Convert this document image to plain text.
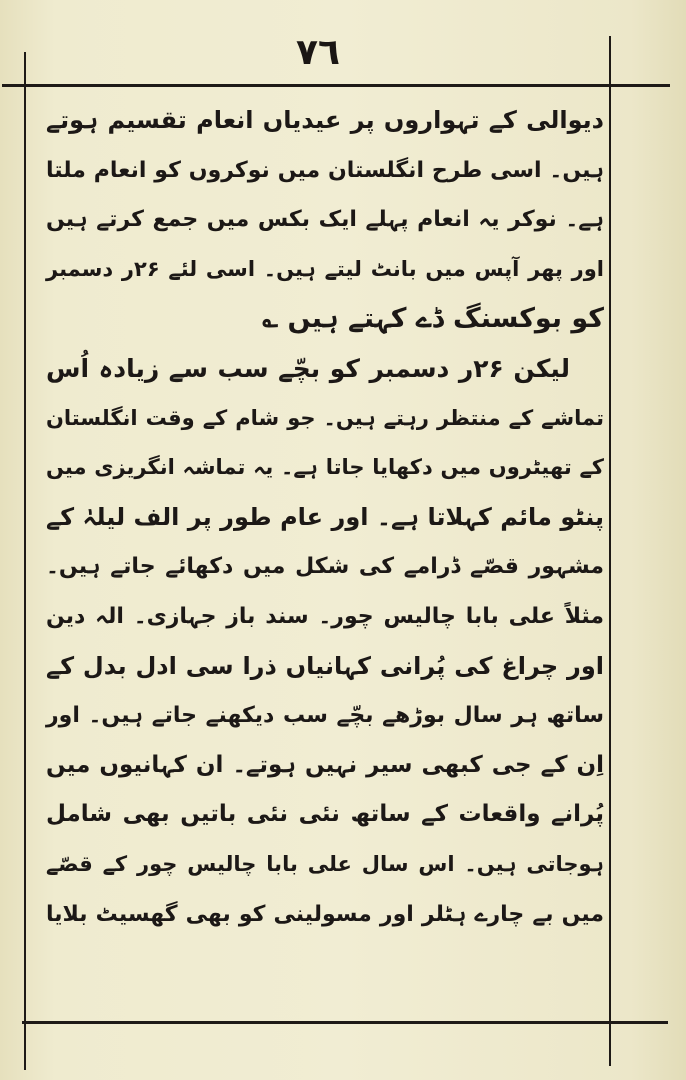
٧٦
دیوالی کے تہواروں پر عیدیاں انعام تقسیم ہوتے
ہیں۔ اسی طرح انگلستان میں نوکروں کو انعام ملتا
ہے۔ نوکر یہ انعام پہلے ایک بکس میں جمع کرتے ہیں
اور پھر آپس میں بانٹ لیتے ہیں۔ اسی لئے ۲۶ر دسمبر
کو بوکسنگ ڈے کہتے ہیں ؎
لیکن ۲۶ر دسمبر کو بچّے سب سے زیادہ اُس
تماشے کے منتظر رہتے ہیں۔ جو شام کے وقت انگلستان
کے تھیٹروں میں دکھایا جاتا ہے۔ یہ تماشہ انگریزی میں
پنٹو مائم کہلاتا ہے۔ اور عام طور پر الف لیلہٰ کے
مشہور قصّے ڈرامے کی شکل میں دکھائے جاتے ہیں۔
مثلاً علی بابا چالیس چور۔ سند باز جہازی۔ الہ دین
اور چراغ کی پُرانی کہانیاں ذرا سی ادل بدل کے
ساتھ ہر سال بوڑھے بچّے سب دیکھنے جاتے ہیں۔ اور
اِن کے جی کبھی سیر نہیں ہوتے۔ ان کہانیوں میں
پُرانے واقعات کے ساتھ نئی نئی باتیں بھی شامل
ہوجاتی ہیں۔ اس سال علی بابا چالیس چور کے قصّے
میں بے چارے ہٹلر اور مسولینی کو بھی گھسیٹ بلایا
